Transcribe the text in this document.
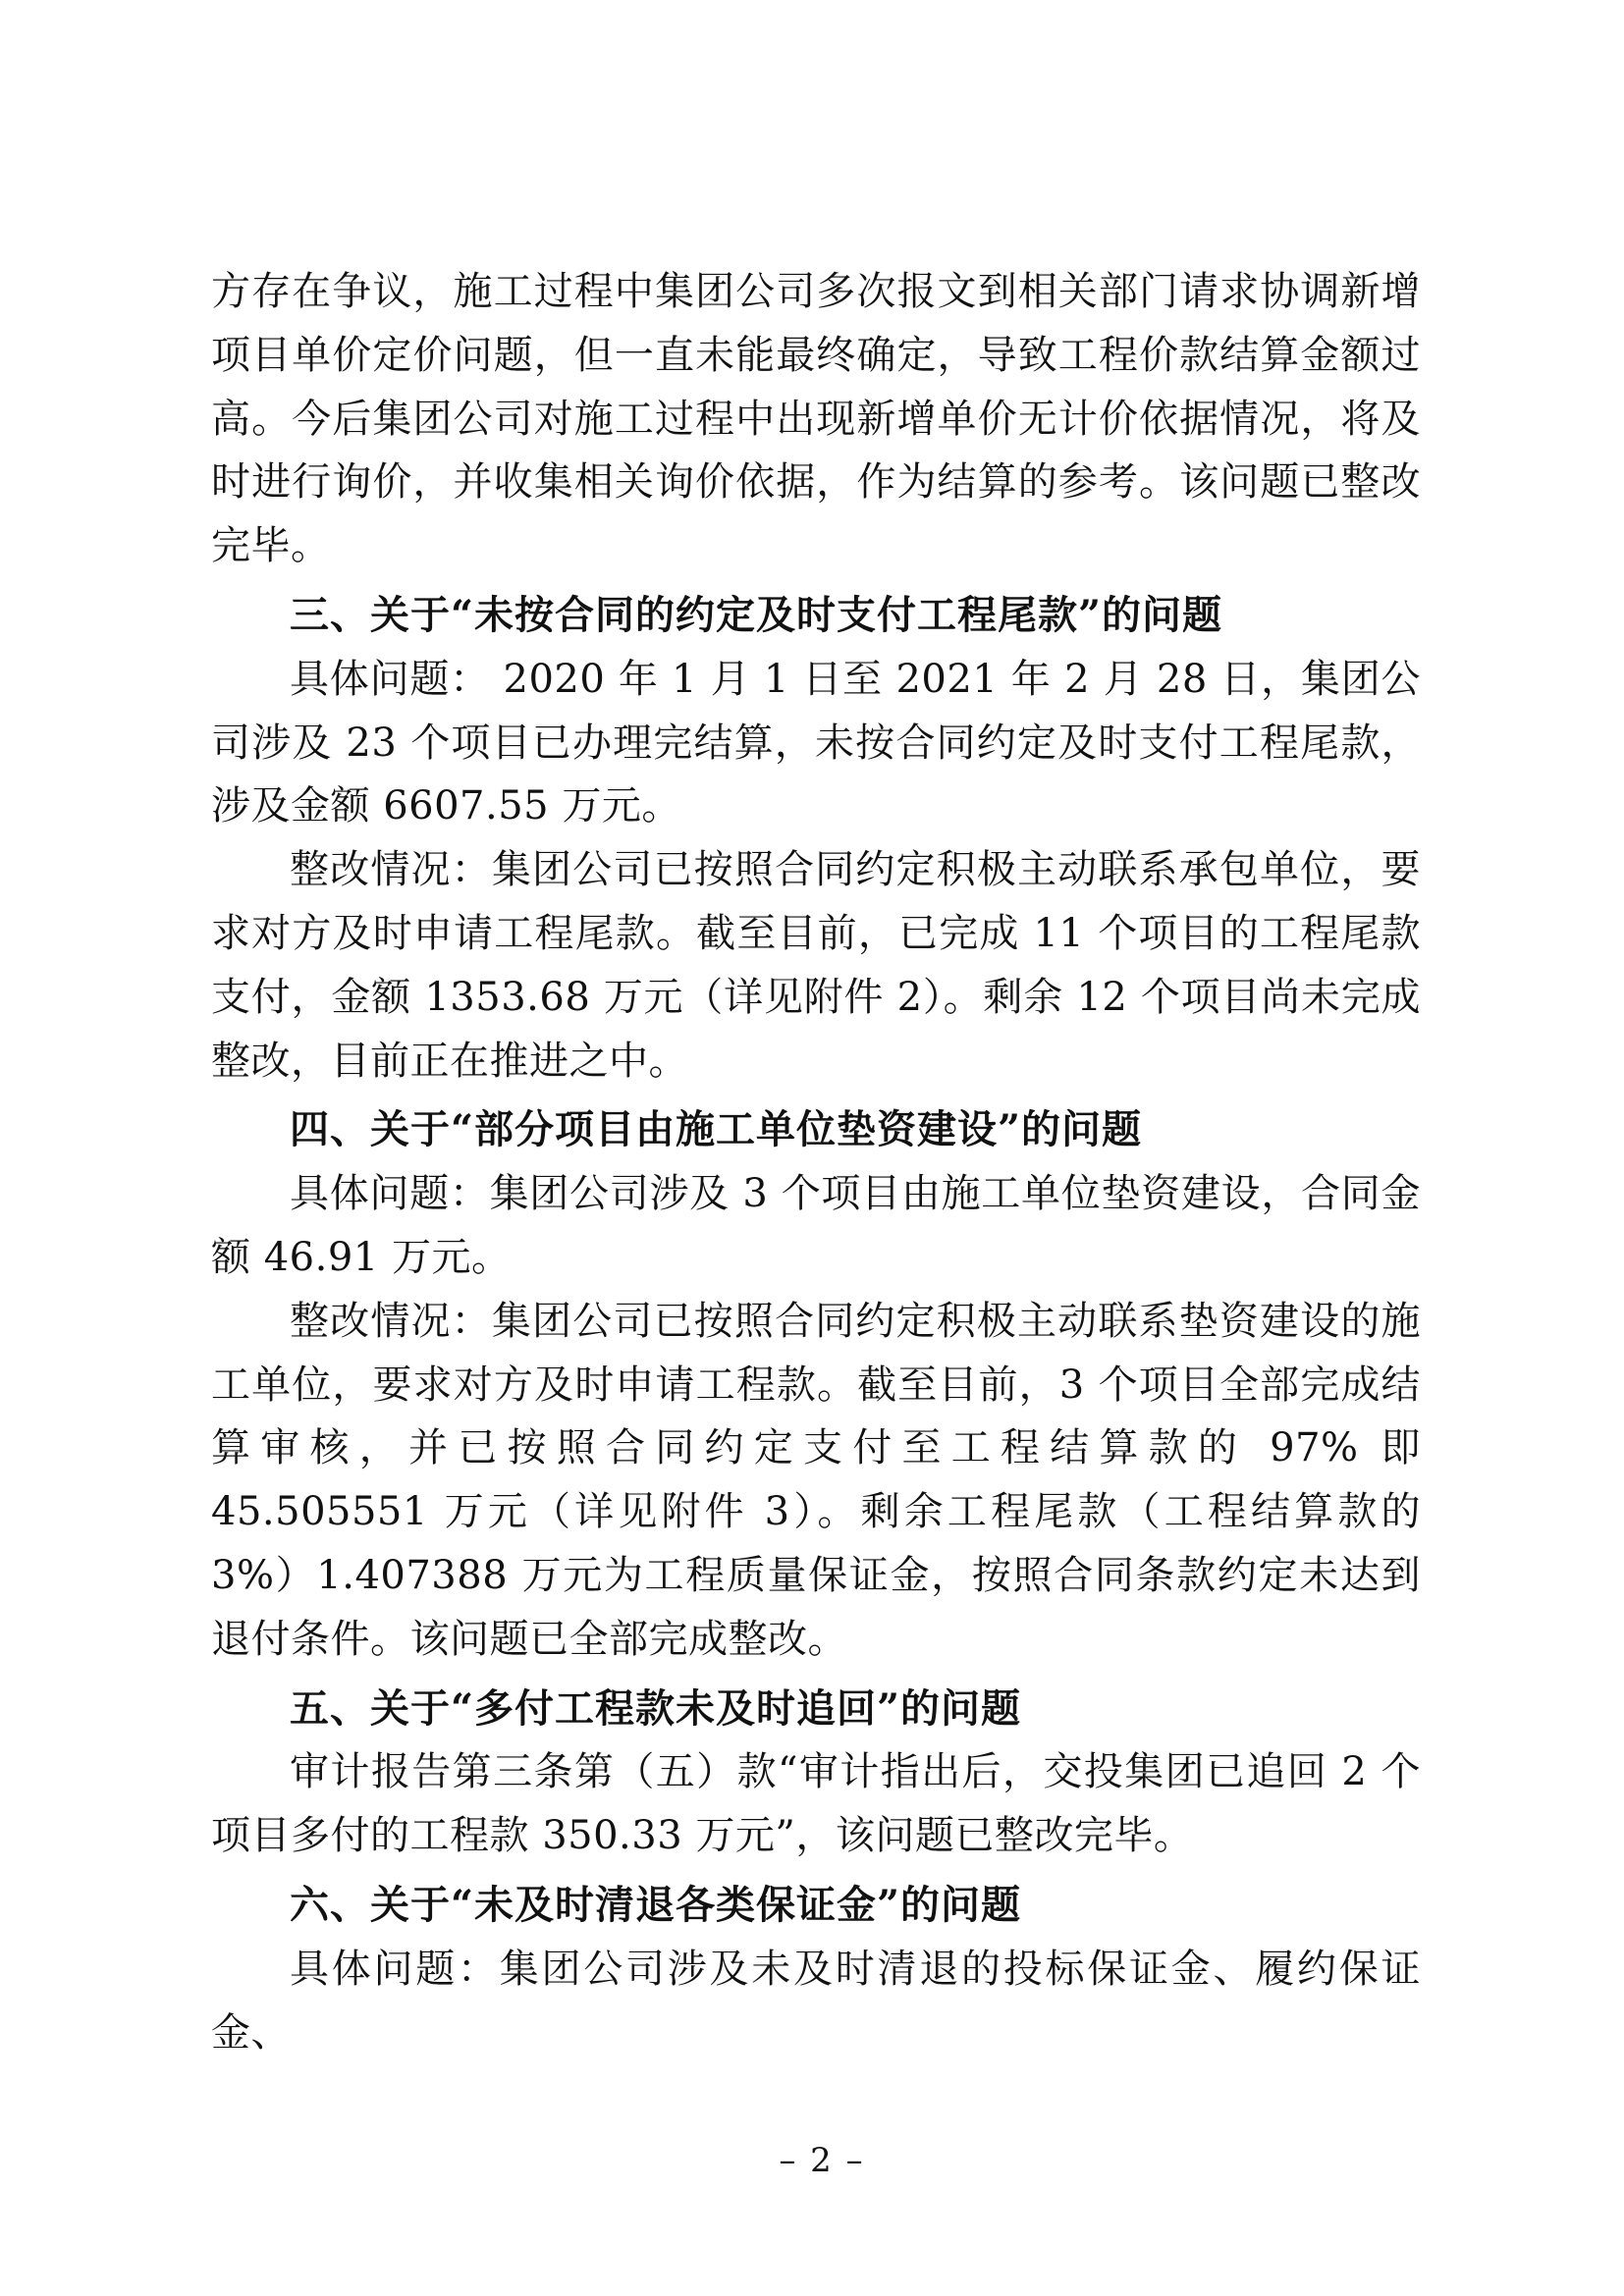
方存在争议，施工过程中集团公司多次报文到相关部门请求协调新增项目单价定价问题，但一直未能最终确定，导致工程价款结算金额过高。今后集团公司对施工过程中出现新增单价无计价依据情况，将及时进行询价，并收集相关询价依据，作为结算的参考。该问题已整改完毕。

三、关于“未按合同的约定及时支付工程尾款”的问题

具体问题： 2020 年 1 月 1 日至 2021 年 2 月 28 日，集团公司涉及 23 个项目已办理完结算，未按合同约定及时支付工程尾款，涉及金额 6607.55 万元。

整改情况：集团公司已按照合同约定积极主动联系承包单位，要求对方及时申请工程尾款。截至目前，已完成 11 个项目的工程尾款支付，金额 1353.68 万元（详见附件 2）。剩余 12 个项目尚未完成整改，目前正在推进之中。

四、关于“部分项目由施工单位垫资建设”的问题

具体问题：集团公司涉及 3 个项目由施工单位垫资建设，合同金额 46.91 万元。

整改情况：集团公司已按照合同约定积极主动联系垫资建设的施工单位，要求对方及时申请工程款。截至目前，3 个项目全部完成结算审核，并已按照合同约定支付至工程结算款的 97% 即 45.505551 万元（详见附件 3）。剩余工程尾款（工程结算款的 3%）1.407388 万元为工程质量保证金，按照合同条款约定未达到退付条件。该问题已全部完成整改。

五、关于“多付工程款未及时追回”的问题

审计报告第三条第（五）款“审计指出后，交投集团已追回 2 个项目多付的工程款 350.33 万元”，该问题已整改完毕。

六、关于“未及时清退各类保证金”的问题

具体问题：集团公司涉及未及时清退的投标保证金、履约保证金、

– 2 –
